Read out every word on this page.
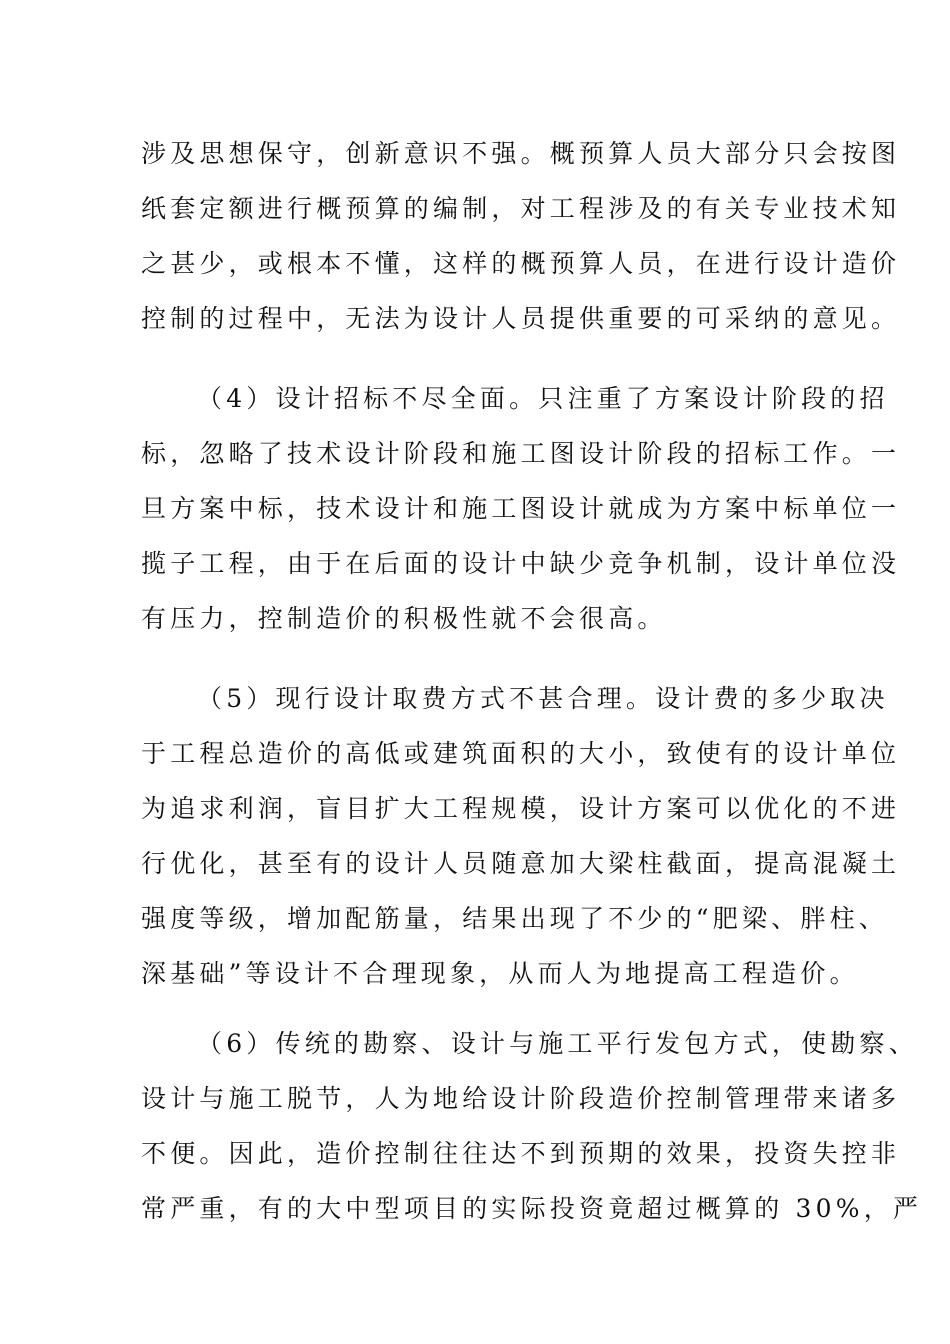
涉及思想保守，创新意识不强。概预算人员大部分只会按图
纸套定额进行概预算的编制，对工程涉及的有关专业技术知
之甚少，或根本不懂，这样的概预算人员，在进行设计造价
控制的过程中，无法为设计人员提供重要的可采纳的意见。
（4）设计招标不尽全面。只注重了方案设计阶段的招
标，忽略了技术设计阶段和施工图设计阶段的招标工作。一
旦方案中标，技术设计和施工图设计就成为方案中标单位一
揽子工程，由于在后面的设计中缺少竞争机制，设计单位没
有压力，控制造价的积极性就不会很高。
（5）现行设计取费方式不甚合理。设计费的多少取决
于工程总造价的高低或建筑面积的大小，致使有的设计单位
为追求利润，盲目扩大工程规模，设计方案可以优化的不进
行优化，甚至有的设计人员随意加大梁柱截面，提高混凝土
强度等级，增加配筋量，结果出现了不少的“肥梁、胖柱、
深基础”等设计不合理现象，从而人为地提高工程造价。
（6）传统的勘察、设计与施工平行发包方式，使勘察、
设计与施工脱节，人为地给设计阶段造价控制管理带来诸多
不便。因此，造价控制往往达不到预期的效果，投资失控非
常严重，有的大中型项目的实际投资竟超过概算的 30%，严
